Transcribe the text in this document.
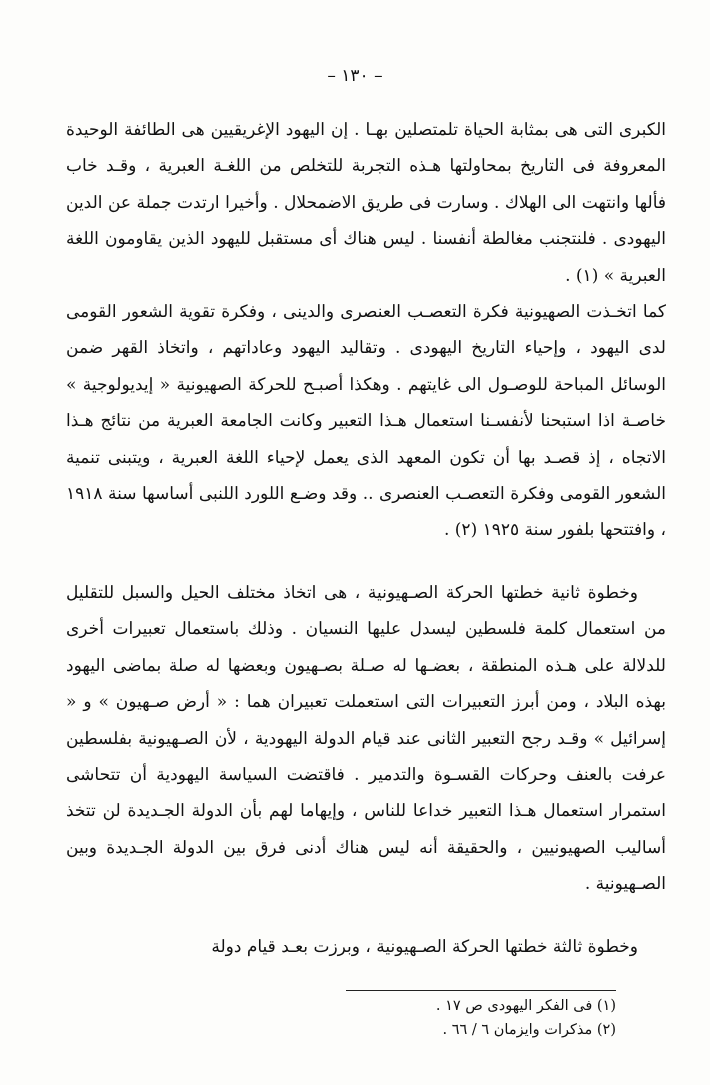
– ١٣٠ –

الكبرى التى هى بمثابة الحياة تلمتصلين بهـا . إن اليهود الإغريقيين هى الطائفة الوحيدة المعروفة فى التاريخ بمحاولتها هـذه التجربة للتخلص من اللغـة العبرية ، وقـد خاب فألها وانتهت الى الهلاك . وسارت فى طريق الاضمحلال . وأخيرا ارتدت جملة عن الدين اليهودى . فلنتجنب مغالطة أنفسنا . ليس هناك أى مستقبل لليهود الذين يقاومون اللغة العبرية » (١) .

كما اتخـذت الصهيونية فكرة التعصـب العنصرى والدينى ، وفكرة تقوية الشعور القومى لدى اليهود ، وإحياء التاريخ اليهودى . وتقاليد اليهود وعاداتهم ، واتخاذ القهر ضمن الوسائل المباحة للوصـول الى غايتهم . وهكذا أصبـح للحركة الصهيونية « إيديولوجية » خاصـة اذا استبحنا لأنفسـنا استعمال هـذا التعبير وكانت الجامعة العبرية من نتائج هـذا الاتجاه ، إذ قصـد بها أن تكون المعهد الذى يعمل لإحياء اللغة العبرية ، ويتبنى تنمية الشعور القومى وفكرة التعصـب العنصرى .. وقد وضـع اللورد اللنبى أساسها سنة ١٩١٨ ، وافتتحها بلفور سنة ١٩٢٥ (٢) .

وخطوة ثانية خطتها الحركة الصـهيونية ، هى اتخاذ مختلف الحيل والسبل للتقليل من استعمال كلمة فلسطين ليسدل عليها النسيان . وذلك باستعمال تعبيرات أخرى للدلالة على هـذه المنطقة ، بعضـها له صـلة بصـهيون وبعضها له صلة بماضى اليهود بهذه البلاد ، ومن أبرز التعبيرات التى استعملت تعبيران هما : « أرض صـهيون » و « إسرائيل » وقـد رجح التعبير الثانى عند قيام الدولة اليهودية ، لأن الصـهيونية بفلسطين عرفت بالعنف وحركات القسـوة والتدمير . فاقتضت السياسة اليهودية أن تتحاشى استمرار استعمال هـذا التعبير خداعا للناس ، وإيهاما لهم بأن الدولة الجـديدة لن تتخذ أساليب الصهيونيين ، والحقيقة أنه ليس هناك أدنى فرق بين الدولة الجـديدة وبين الصـهيونية .

وخطوة ثالثة خطتها الحركة الصـهيونية ، وبرزت بعـد قيام دولة

(١) فى الفكر اليهودى ص ١٧ .

(٢) مذكرات وايزمان ٦ / ٦٦ .
